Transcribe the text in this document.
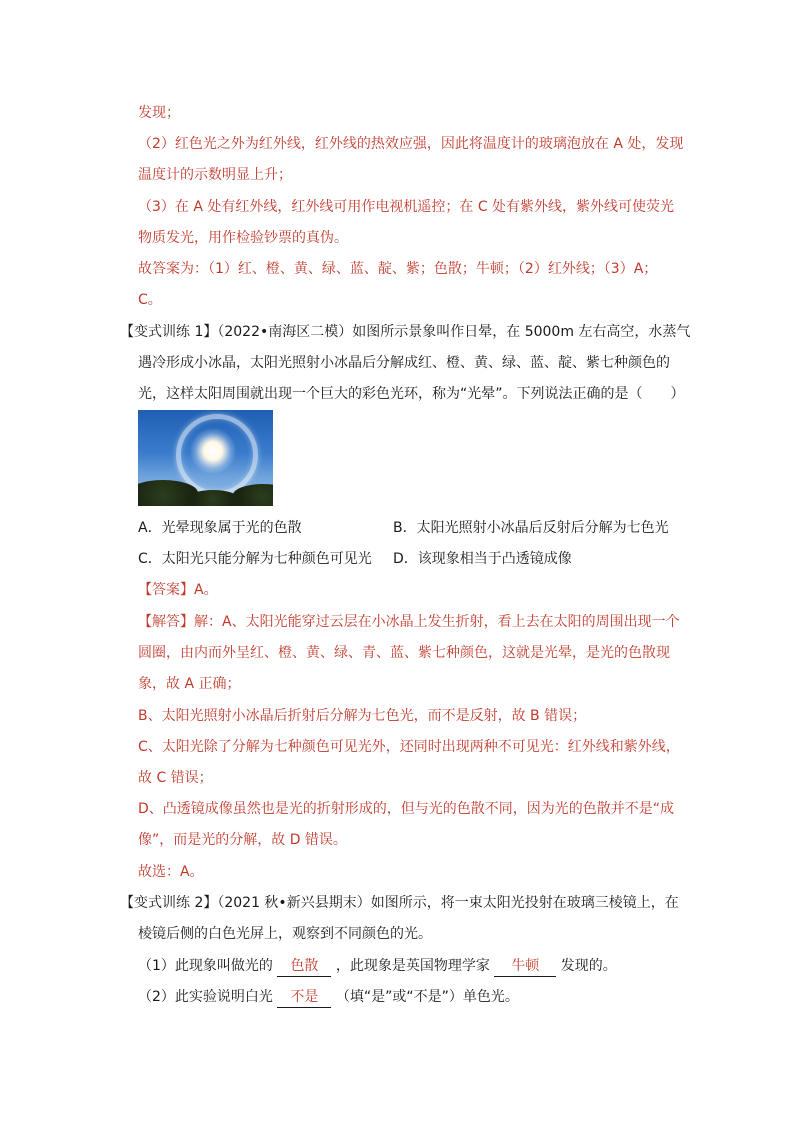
发现；
（2）红色光之外为红外线，红外线的热效应强，因此将温度计的玻璃泡放在 A 处，发现
温度计的示数明显上升；
（3）在 A 处有红外线，红外线可用作电视机遥控；在 C 处有紫外线，紫外线可使荧光
物质发光，用作检验钞票的真伪。
故答案为：（1）红、橙、黄、绿、蓝、靛、紫；色散；牛顿；（2）红外线；（3）A；
C。
【变式训练 1】（2022•南海区二模）如图所示景象叫作日晕，在 5000m 左右高空，水蒸气
遇冷形成小冰晶，太阳光照射小冰晶后分解成红、橙、黄、绿、蓝、靛、紫七种颜色的
光，这样太阳周围就出现一个巨大的彩色光环，称为“光晕”。下列说法正确的是（　　）
A．光晕现象属于光的色散	B．太阳光照射小冰晶后反射后分解为七色光
C．太阳光只能分解为七种颜色可见光 D．该现象相当于凸透镜成像
【答案】A。
【解答】解：A、太阳光能穿过云层在小冰晶上发生折射，看上去在太阳的周围出现一个
圆圈，由内而外呈红、橙、黄、绿、青、蓝、紫七种颜色，这就是光晕，是光的色散现
象，故 A 正确；
B、太阳光照射小冰晶后折射后分解为七色光，而不是反射，故 B 错误；
C、太阳光除了分解为七种颜色可见光外，还同时出现两种不可见光：红外线和紫外线，
故 C 错误；
D、凸透镜成像虽然也是光的折射形成的，但与光的色散不同，因为光的色散并不是“成
像”，而是光的分解，故 D 错误。
故选：A。
【变式训练 2】（2021 秋•新兴县期末）如图所示，将一束太阳光投射在玻璃三棱镜上，在
棱镜后侧的白色光屏上，观察到不同颜色的光。
（1）此现象叫做光的 色散 ，此现象是英国物理学家 牛顿 发现的。
（2）此实验说明白光 不是 （填“是”或“不是”）单色光。
